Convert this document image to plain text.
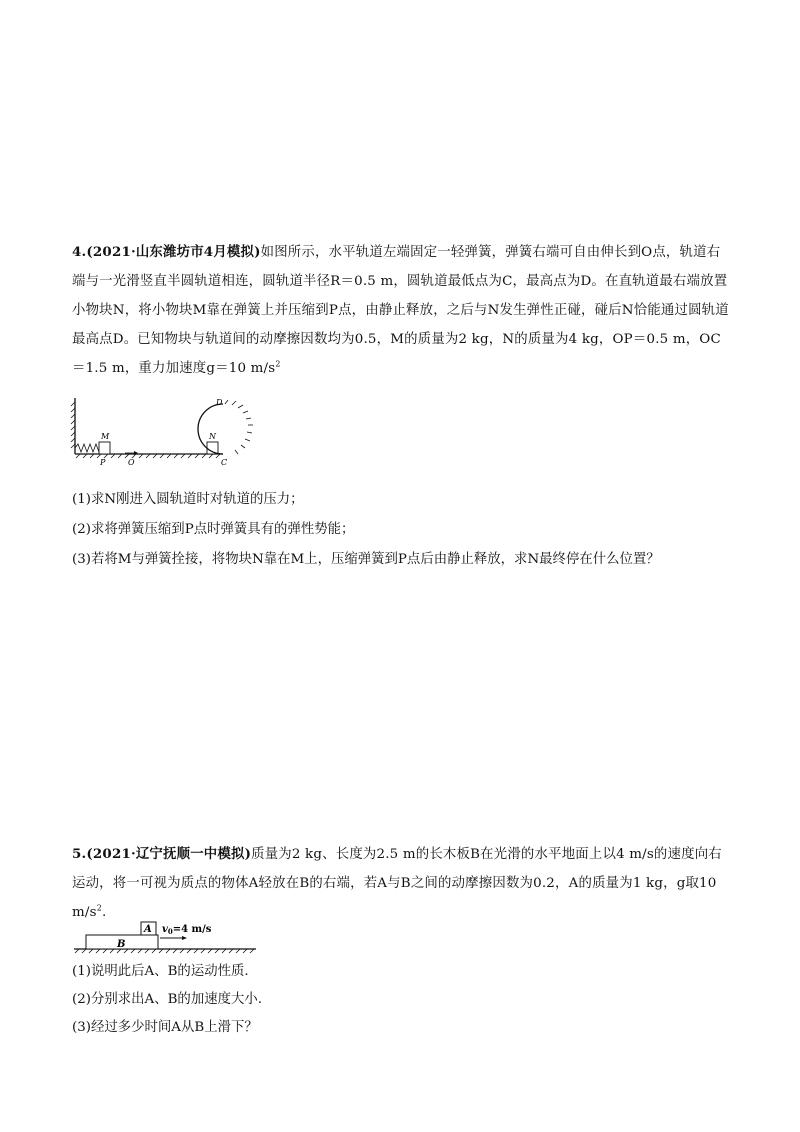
4.(2021·山东潍坊市4月模拟)如图所示，水平轨道左端固定一轻弹簧，弹簧右端可自由伸长到O点，轨道右端与一光滑竖直半圆轨道相连，圆轨道半径R＝0.5 m，圆轨道最低点为C，最高点为D。在直轨道最右端放置小物块N，将小物块M靠在弹簧上并压缩到P点，由静止释放，之后与N发生弹性正碰，碰后N恰能通过圆轨道最高点D。已知物块与轨道间的动摩擦因数均为0.5，M的质量为2 kg，N的质量为4 kg，OP＝0.5 m，OC＝1.5 m，重力加速度g＝10 $m/s^2$
M
P	O
N
D
C
(1)求N刚进入圆轨道时对轨道的压力；
(2)求将弹簧压缩到P点时弹簧具有的弹性势能；
(3)若将M与弹簧拴接，将物块N靠在M上，压缩弹簧到P点后由静止释放，求N最终停在什么位置？
5.(2021·辽宁抚顺一中模拟)质量为2 kg、长度为2.5 m的长木板B在光滑的水平地面上以4 m/s的速度向右运动，将一可视为质点的物体A轻放在B的右端，若A与B之间的动摩擦因数为0.2，A的质量为1 kg，g取10 $m/s^2$.
B
A $v_0=4$ m/s
(1)说明此后A、B的运动性质.
(2)分别求出A、B的加速度大小.
(3)经过多少时间A从B上滑下？
